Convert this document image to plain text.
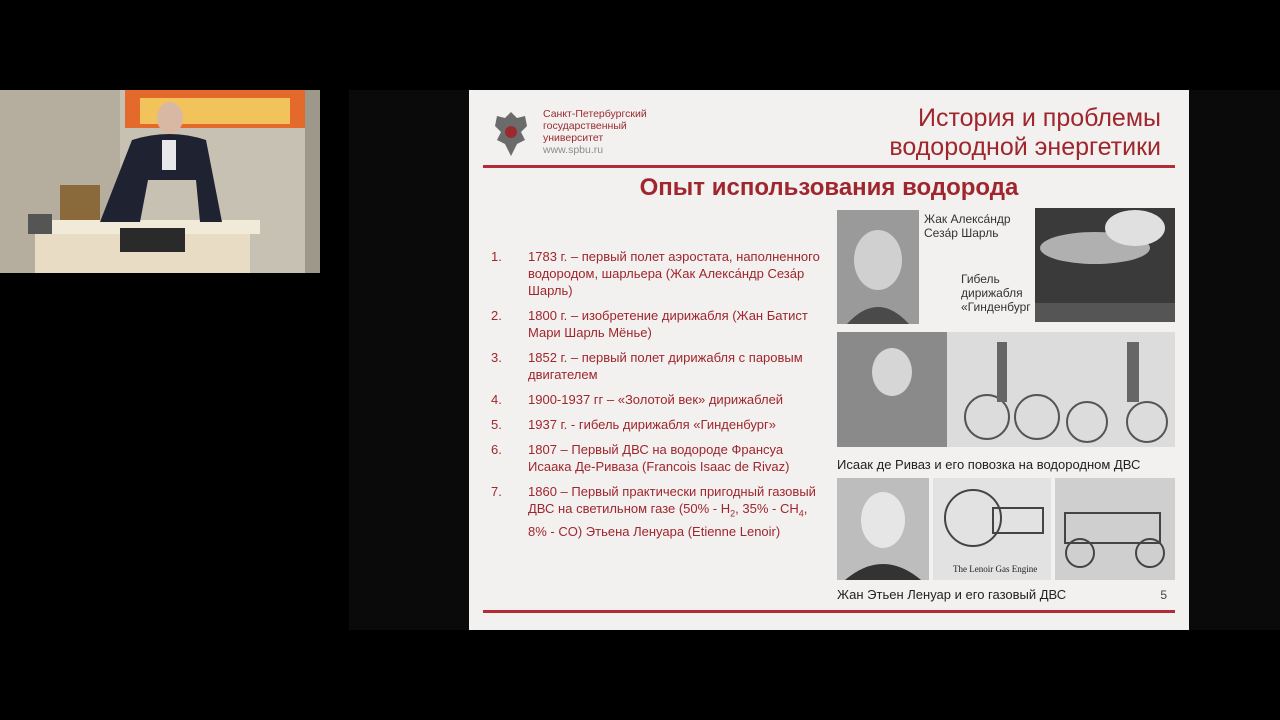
Санкт-Петербургский
государственный
университет
www.spbu.ru
История и проблемы
водородной энергетики
Опыт использования водорода
1.	1783 г. – первый полет аэростата, наполненного водородом, шарльера (Жак Алекса́ндр Сеза́р Шарль)
2.	1800 г. – изобретение дирижабля (Жан Батист Мари Шарль Мёнье)
3.	1852 г. – первый полет дирижабля с паровым двигателем
4.	1900-1937 гг – «Золотой век» дирижаблей
5.	1937 г. - гибель дирижабля «Гинденбург»
6.	1807 – Первый ДВС на водороде Франсуа Исаака Де-Ривазa (Francois Isaac de Rivaz)
7.	1860 – Первый практически пригодный газовый ДВС на светильном газе ($50\% - H_2$, $35\% - CH_4$, 8% - CO) Этьена Ленуара (Etienne Lenoir)
Жак Алекса́ндр
Сеза́р Шарль
Гибель
дирижабля
«Гинденбург
Исаак де Риваз и его повозка на водородном ДВС
The Lenoir Gas Engine
Жан Этьен Ленуар и его газовый ДВС	5
